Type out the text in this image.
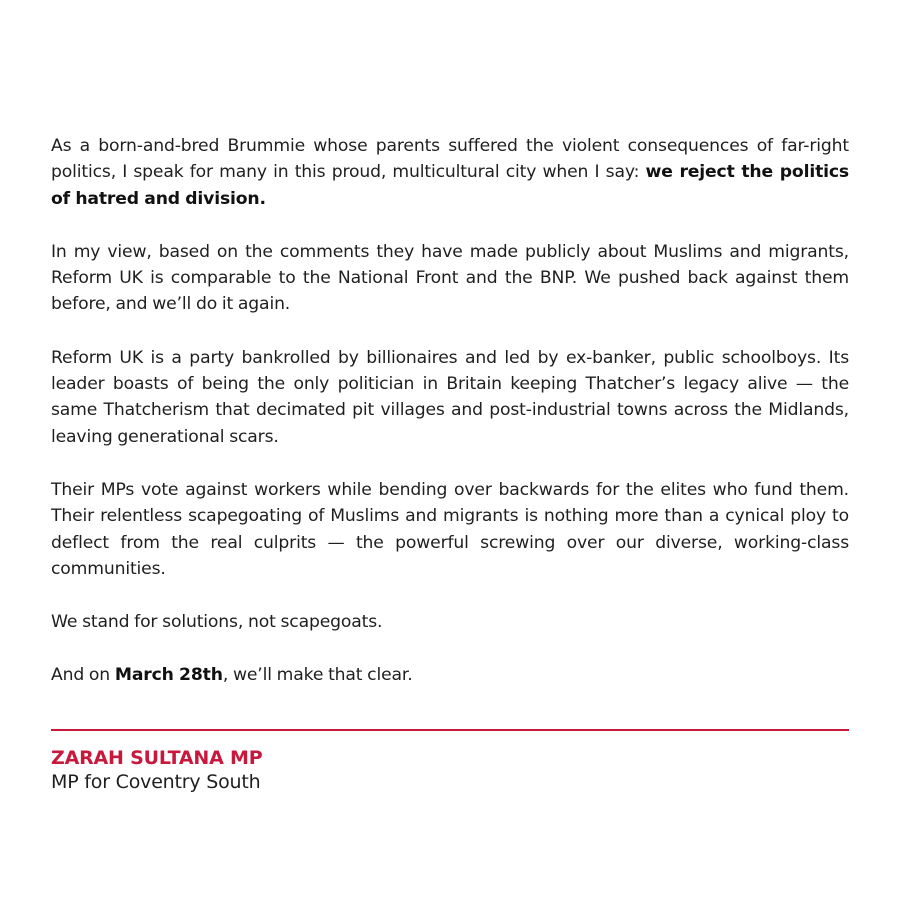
As a born-and-bred Brummie whose parents suffered the violent consequences of far-right politics, I speak for many in this proud, multicultural city when I say: we reject the politics of hatred and division.

In my view, based on the comments they have made publicly about Muslims and migrants, Reform UK is comparable to the National Front and the BNP. We pushed back against them before, and we’ll do it again.

Reform UK is a party bankrolled by billionaires and led by ex-banker, public schoolboys. Its leader boasts of being the only politician in Britain keeping Thatcher’s legacy alive — the same Thatcherism that decimated pit villages and post-industrial towns across the Midlands, leaving generational scars.

Their MPs vote against workers while bending over backwards for the elites who fund them. Their relentless scapegoating of Muslims and migrants is nothing more than a cynical ploy to deflect from the real culprits — the powerful screwing over our diverse, working-class communities.

We stand for solutions, not scapegoats.

And on March 28th, we’ll make that clear.

ZARAH SULTANA MP
MP for Coventry South
